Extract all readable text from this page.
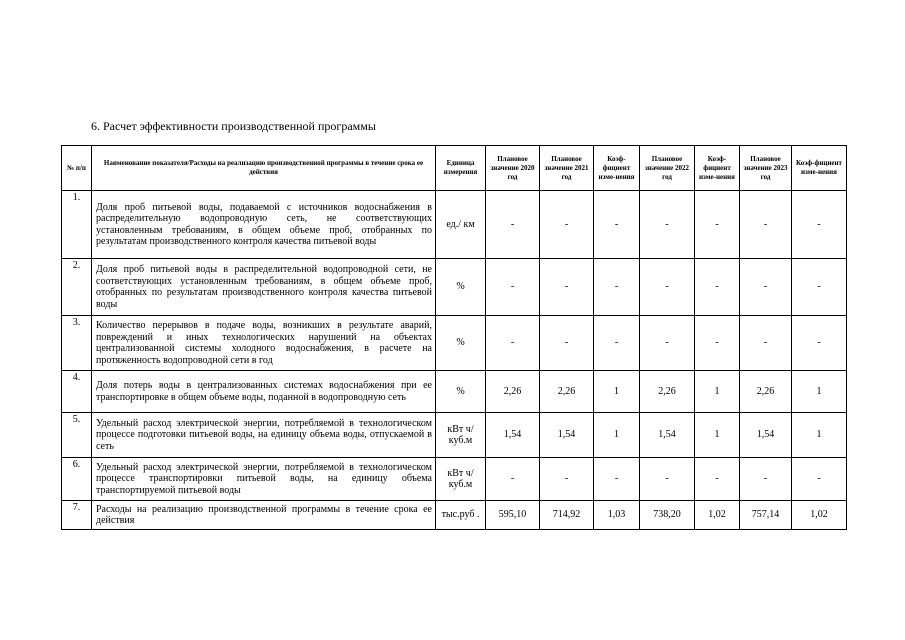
6. Расчет эффективности производственной программы
№ п/п	Наименование показателя/Расходы на реализацию производственной программы в течение срока ее действия	Единица измерения	Плановое значение 2020 год	Плановое значение 2021 год	Коэф-фициент изме-нения	Плановое значение 2022 год	Коэф-фициент изме-нения	Плановое значение 2023 год	Коэф-фициент изме-нения
1.	Доля проб питьевой воды, подаваемой с источников водоснабжения в распределительную водопроводную сеть, не соответствующих установленным требованиям, в общем объеме проб, отобранных по результатам производственного контроля качества питьевой воды	ед./ км	-	-	-	-	-	-	-
2.	Доля проб питьевой воды в распределительной водопроводной сети, не соответствующих установленным требованиям, в общем объеме проб, отобранных по результатам производственного контроля качества питьевой воды	%	-	-	-	-	-	-	-
3.	Количество перерывов в подаче воды, возникших в результате аварий, повреждений и иных технологических нарушений на объектах централизованной системы холодного водоснабжения, в расчете на протяженность водопроводной сети в год	%	-	-	-	-	-	-	-
4.	Доля потерь воды в централизованных системах водоснабжения при ее транспортировке в общем объеме воды, поданной в водопроводную сеть	%	2,26	2,26	1	2,26	1	2,26	1
5.	Удельный расход электрической энергии, потребляемой в технологическом процессе подготовки питьевой воды, на единицу объема воды, отпускаемой в сеть	кВт ч/куб.м	1,54	1,54	1	1,54	1	1,54	1
6.	Удельный расход электрической энергии, потребляемой в технологическом процессе транспортировки питьевой воды, на единицу объема транспортируемой питьевой воды	кВт ч/куб.м	-	-	-	-	-	-	-
7.	Расходы на реализацию производственной программы в течение срока ее действия	тыс.руб .	595,10	714,92	1,03	738,20	1,02	757,14	1,02
